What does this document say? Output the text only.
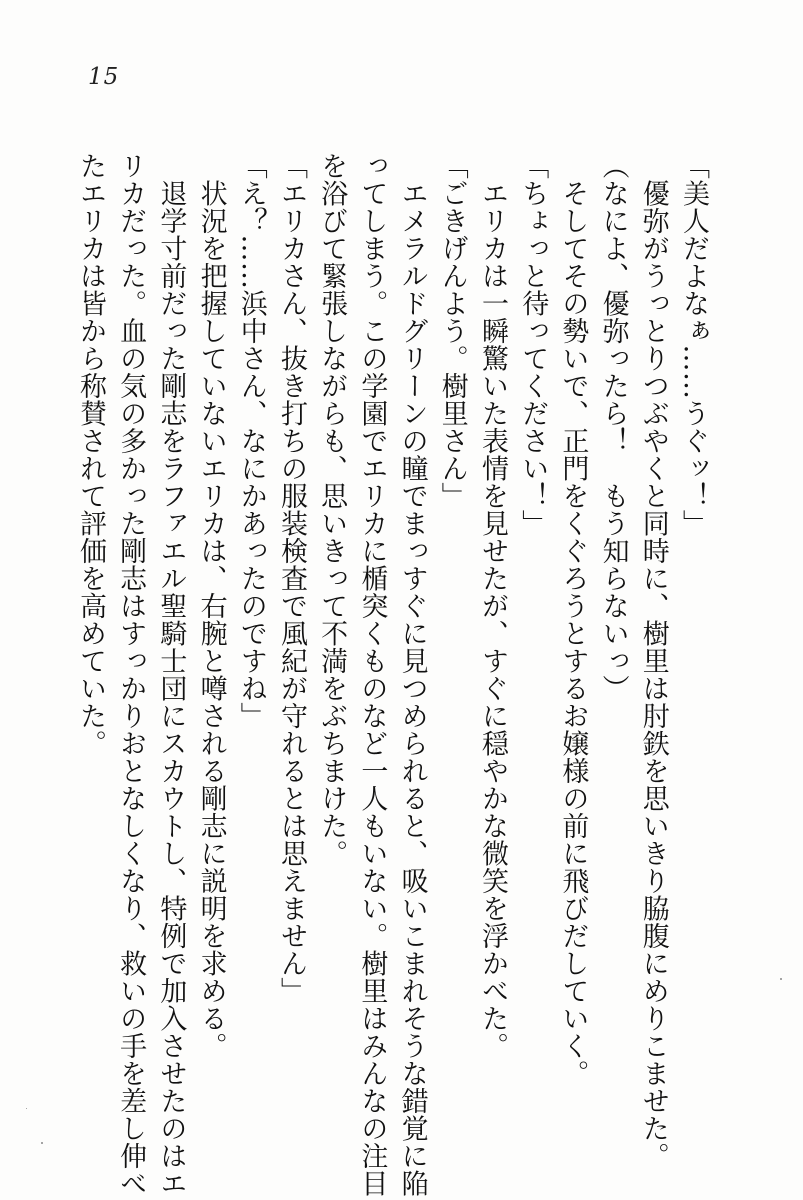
15

「美人だよなぁ……うぐッ！」

　優弥がうっとりつぶやくと同時に、樹里は肘鉄を思いきり脇腹にめりこませた。

（なによ、優弥ったら！　もう知らないっ）

　そしてその勢いで、正門をくぐろうとするお嬢様の前に飛びだしていく。

「ちょっと待ってください！」

　エリカは一瞬驚いた表情を見せたが、すぐに穏やかな微笑を浮かべた。

「ごきげんよう。樹里さん」

　エメラルドグリーンの瞳でまっすぐに見つめられると、吸いこまれそうな錯覚に陥

ってしまう。この学園でエリカに楯突くものなど一人もいない。樹里はみんなの注目

を浴びて緊張しながらも、思いきって不満をぶちまけた。

「エリカさん、抜き打ちの服装検査で風紀が守れるとは思えません」

「え？……浜中さん、なにかあったのですね」

　状況を把握していないエリカは、右腕と噂される剛志に説明を求める。

　退学寸前だった剛志をラファエル聖騎士団にスカウトし、特例で加入させたのはエ

リカだった。血の気の多かった剛志はすっかりおとなしくなり、救いの手を差し伸べ

たエリカは皆から称賛されて評価を高めていた。
